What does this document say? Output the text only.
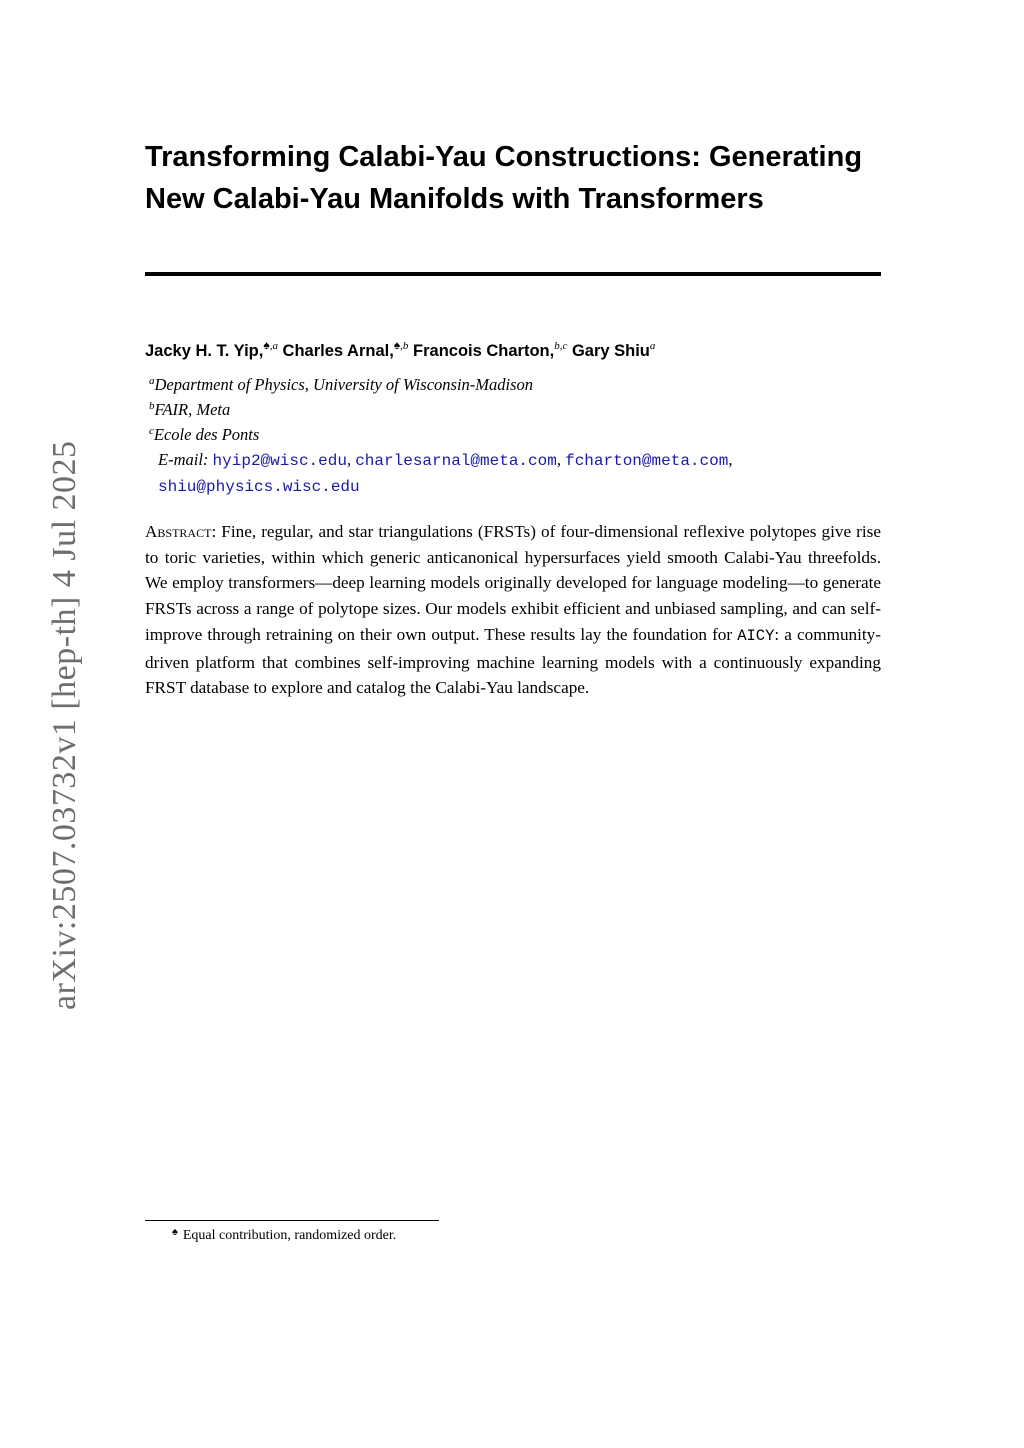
arXiv:2507.03732v1 [hep-th] 4 Jul 2025
Transforming Calabi-Yau Constructions: Generating
New Calabi-Yau Manifolds with Transformers
Jacky H. T. Yip,$^{♠,a}$ Charles Arnal,$^{♠,b}$ Francois Charton,$^{b,c}$ Gary Shiu$^a$
$^a$Department of Physics, University of Wisconsin-Madison
$^b$FAIR, Meta
$^c$Ecole des Ponts
E-mail: hyip2@wisc.edu, charlesarnal@meta.com, fcharton@meta.com,
shiu@physics.wisc.edu

Abstract: Fine, regular, and star triangulations (FRSTs) of four-dimensional reflexive polytopes give rise to toric varieties, within which generic anticanonical hypersurfaces yield smooth Calabi-Yau threefolds. We employ transformers—deep learning models originally developed for language modeling—to generate FRSTs across a range of polytope sizes. Our models exhibit efficient and unbiased sampling, and can self-improve through retraining on their own output. These results lay the foundation for AICY: a community-driven platform that combines self-improving machine learning models with a continuously expanding FRST database to explore and catalog the Calabi-Yau landscape.

♠ Equal contribution, randomized order.
